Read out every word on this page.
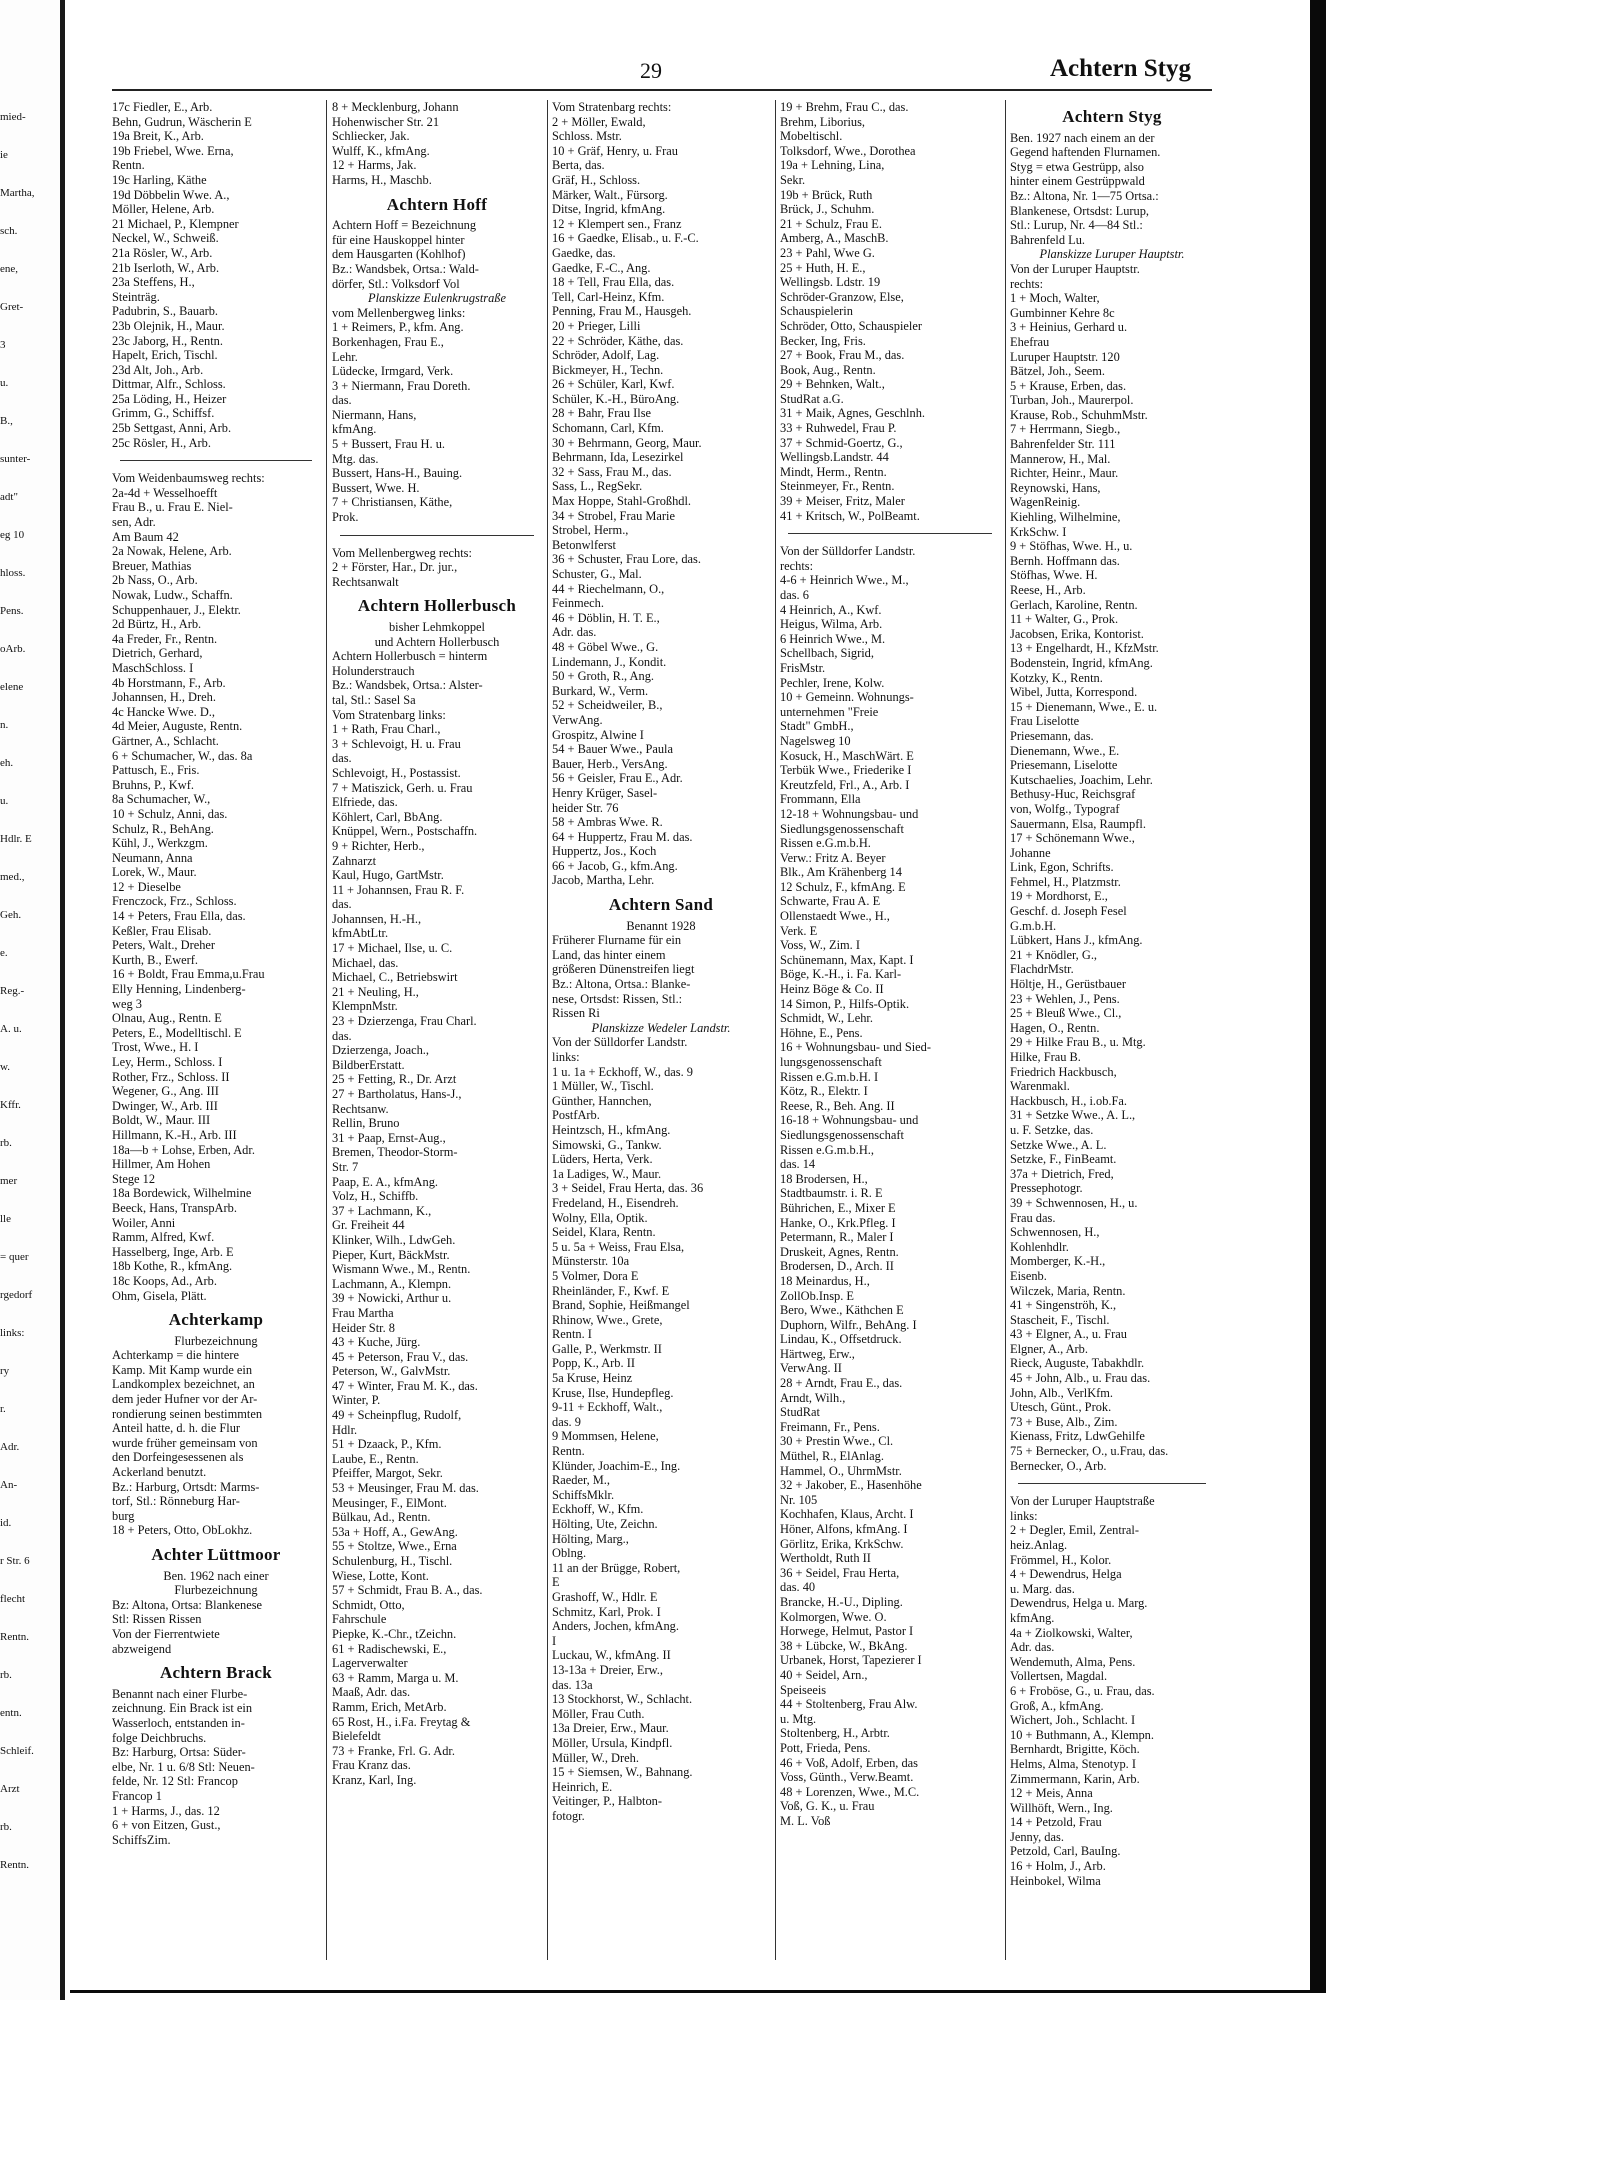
mied-
ie
Martha,
sch.
ene,
Gret-
3
u.
B.,
sunter-
adt"
eg 10
hloss.
Pens.
oArb.
elene
n.
eh.
u.
Hdlr. E
med.,
Geh.
e.
Reg.-
A. u.
w.
Kffr.
rb.
mer
lle
= quer
rgedorf
links:
ry
r.
Adr.
An-
id.
r Str. 6
flecht
Rentn.
rb.
entn.
Schleif.
Arzt
rb.
Rentn.
29	Achtern Styg
17c Fiedler, E., Arb.
Behn, Gudrun, Wäscherin E
19a Breit, K., Arb.
19b Friebel, Wwe. Erna,
Rentn.
19c Harling, Käthe
19d Döbbelin Wwe. A.,
Möller, Helene, Arb.
21 Michael, P., Klempner
Neckel, W., Schweiß.
21a Rösler, W., Arb.
21b Iserloth, W., Arb.
23a Steffens, H.,
Steinträg.
Padubrin, S., Bauarb.
23b Olejnik, H., Maur.
23c Jaborg, H., Rentn.
Hapelt, Erich, Tischl.
23d Alt, Joh., Arb.
Dittmar, Alfr., Schloss.
25a Löding, H., Heizer
Grimm, G., Schiffsf.
25b Settgast, Anni, Arb.
25c Rösler, H., Arb.
Vom Weidenbaumsweg rechts:
2a-4d + Wesselhoefft
Frau B., u. Frau E. Niel-
sen, Adr.
Am Baum 42
2a Nowak, Helene, Arb.
Breuer, Mathias
2b Nass, O., Arb.
Nowak, Ludw., Schaffn.
Schuppenhauer, J., Elektr.
2d Bürtz, H., Arb.
4a Freder, Fr., Rentn.
Dietrich, Gerhard,
MaschSchloss. I
4b Horstmann, F., Arb.
Johannsen, H., Dreh.
4c Hancke Wwe. D.,
4d Meier, Auguste, Rentn.
Gärtner, A., Schlacht.
6 + Schumacher, W., das. 8a
Pattusch, E., Fris.
Bruhns, P., Kwf.
8a Schumacher, W.,
10 + Schulz, Anni, das.
Schulz, R., BehAng.
Kühl, J., Werkzgm.
Neumann, Anna
Lorek, W., Maur.
12 + Dieselbe
Frenczock, Frz., Schloss.
14 + Peters, Frau Ella, das.
Keßler, Frau Elisab.
Peters, Walt., Dreher
Kurth, B., Ewerf.
16 + Boldt, Frau Emma,u.Frau
Elly Henning, Lindenberg-
weg 3
Olnau, Aug., Rentn. E
Peters, E., Modelltischl. E
Trost, Wwe., H. I
Ley, Herm., Schloss. I
Rother, Frz., Schloss. II
Wegener, G., Ang. III
Dwinger, W., Arb. III
Boldt, W., Maur. III
Hillmann, K.-H., Arb. III
18a—b + Lohse, Erben, Adr.
Hillmer, Am Hohen
Stege 12
18a Bordewick, Wilhelmine
Beeck, Hans, TranspArb.
Woiler, Anni
Ramm, Alfred, Kwf.
Hasselberg, Inge, Arb. E
18b Kothe, R., kfmAng.
18c Koops, Ad., Arb.
Ohm, Gisela, Plätt.
Achterkamp
Flurbezeichnung
Achterkamp = die hintere
Kamp. Mit Kamp wurde ein
Landkomplex bezeichnet, an
dem jeder Hufner vor der Ar-
rondierung seinen bestimmten
Anteil hatte, d. h. die Flur
wurde früher gemeinsam von
den Dorfeingesessenen als
Ackerland benutzt.
Bz.: Harburg, Ortsdt: Marms-
torf, Stl.: Rönneburg Har-
burg
18 + Peters, Otto, ObLokhz.
Achter Lüttmoor
Ben. 1962 nach einer
Flurbezeichnung
Bz: Altona, Ortsa: Blankenese
Stl: Rissen Rissen
Von der Fierrentwiete
abzweigend
Achtern Brack
Benannt nach einer Flurbe-
zeichnung. Ein Brack ist ein
Wasserloch, entstanden in-
folge Deichbruchs.
Bz: Harburg, Ortsa: Süder-
elbe, Nr. 1 u. 6/8 Stl: Neuen-
felde, Nr. 12 Stl: Francop
Francop 1
1 + Harms, J., das. 12
6 + von Eitzen, Gust.,
SchiffsZim.
8 + Mecklenburg, Johann
Hohenwischer Str. 21
Schliecker, Jak.
Wulff, K., kfmAng.
12 + Harms, Jak.
Harms, H., Maschb.
Achtern Hoff
Achtern Hoff = Bezeichnung
für eine Hauskoppel hinter
dem Hausgarten (Kohlhof)
Bz.: Wandsbek, Ortsa.: Wald-
dörfer, Stl.: Volksdorf Vol
Planskizze Eulenkrugstraße
vom Mellenbergweg links:
1 + Reimers, P., kfm. Ang.
Borkenhagen, Frau E.,
Lehr.
Lüdecke, Irmgard, Verk.
3 + Niermann, Frau Doreth.
das.
Niermann, Hans,
kfmAng.
5 + Bussert, Frau H. u.
Mtg. das.
Bussert, Hans-H., Bauing.
Bussert, Wwe. H.
7 + Christiansen, Käthe,
Prok.
Vom Mellenbergweg rechts:
2 + Förster, Har., Dr. jur.,
Rechtsanwalt
Achtern Hollerbusch
bisher Lehmkoppel
und Achtern Hollerbusch
Achtern Hollerbusch = hinterm
Holunderstrauch
Bz.: Wandsbek, Ortsa.: Alster-
tal, Stl.: Sasel Sa
Vom Stratenbarg links:
1 + Rath, Frau Charl.,
3 + Schlevoigt, H. u. Frau
das.
Schlevoigt, H., Postassist.
7 + Matiszick, Gerh. u. Frau
Elfriede, das.
Köhlert, Carl, BbAng.
Knüppel, Wern., Postschaffn.
9 + Richter, Herb.,
Zahnarzt
Kaul, Hugo, GartMstr.
11 + Johannsen, Frau R. F.
das.
Johannsen, H.-H.,
kfmAbtLtr.
17 + Michael, Ilse, u. C.
Michael, das.
Michael, C., Betriebswirt
21 + Neuling, H.,
KlempnMstr.
23 + Dzierzenga, Frau Charl.
das.
Dzierzenga, Joach.,
BildberErstatt.
25 + Fetting, R., Dr. Arzt
27 + Bartholatus, Hans-J.,
Rechtsanw.
Rellin, Bruno
31 + Paap, Ernst-Aug.,
Bremen, Theodor-Storm-
Str. 7
Paap, E. A., kfmAng.
Volz, H., Schiffb.
37 + Lachmann, K.,
Gr. Freiheit 44
Klinker, Wilh., LdwGeh.
Pieper, Kurt, BäckMstr.
Wismann Wwe., M., Rentn.
Lachmann, A., Klempn.
39 + Nowicki, Arthur u.
Frau Martha
Heider Str. 8
43 + Kuche, Jürg.
45 + Peterson, Frau V., das.
Peterson, W., GalvMstr.
47 + Winter, Frau M. K., das.
Winter, P.
49 + Scheinpflug, Rudolf,
Hdlr.
51 + Dzaack, P., Kfm.
Laube, E., Rentn.
Pfeiffer, Margot, Sekr.
53 + Meusinger, Frau M. das.
Meusinger, F., ElMont.
Bülkau, Ad., Rentn.
53a + Hoff, A., GewAng.
55 + Stoltze, Wwe., Erna
Schulenburg, H., Tischl.
Wiese, Lotte, Kont.
57 + Schmidt, Frau B. A., das.
Schmidt, Otto,
Fahrschule
Piepke, K.-Chr., tZeichn.
61 + Radischewski, E.,
Lagerverwalter
63 + Ramm, Marga u. M.
Maaß, Adr. das.
Ramm, Erich, MetArb.
65 Rost, H., i.Fa. Freytag &
Bielefeldt
73 + Franke, Frl. G. Adr.
Frau Kranz das.
Kranz, Karl, Ing.
Vom Stratenbarg rechts:
2 + Möller, Ewald,
Schloss. Mstr.
10 + Gräf, Henry, u. Frau
Berta, das.
Gräf, H., Schloss.
Märker, Walt., Fürsorg.
Ditse, Ingrid, kfmAng.
12 + Klempert sen., Franz
16 + Gaedke, Elisab., u. F.-C.
Gaedke, das.
Gaedke, F.-C., Ang.
18 + Tell, Frau Ella, das.
Tell, Carl-Heinz, Kfm.
Penning, Frau M., Hausgeh.
20 + Prieger, Lilli
22 + Schröder, Käthe, das.
Schröder, Adolf, Lag.
Bickmeyer, H., Techn.
26 + Schüler, Karl, Kwf.
Schüler, K.-H., BüroAng.
28 + Bahr, Frau Ilse
Schomann, Carl, Kfm.
30 + Behrmann, Georg, Maur.
Behrmann, Ida, Lesezirkel
32 + Sass, Frau M., das.
Sass, L., RegSekr.
Max Hoppe, Stahl-Großhdl.
34 + Strobel, Frau Marie
Strobel, Herm.,
Betonwlferst
36 + Schuster, Frau Lore, das.
Schuster, G., Mal.
44 + Riechelmann, O.,
Feinmech.
46 + Döblin, H. T. E.,
Adr. das.
48 + Göbel Wwe., G.
Lindemann, J., Kondit.
50 + Groth, R., Ang.
Burkard, W., Verm.
52 + Scheidweiler, B.,
VerwAng.
Grospitz, Alwine I
54 + Bauer Wwe., Paula
Bauer, Herb., VersAng.
56 + Geisler, Frau E., Adr.
Henry Krüger, Sasel-
heider Str. 76
58 + Ambras Wwe. R.
64 + Huppertz, Frau M. das.
Huppertz, Jos., Koch
66 + Jacob, G., kfm.Ang.
Jacob, Martha, Lehr.
Achtern Sand
Benannt 1928
Früherer Flurname für ein
Land, das hinter einem
größeren Dünenstreifen liegt
Bz.: Altona, Ortsa.: Blanke-
nese, Ortsdst: Rissen, Stl.:
Rissen Ri
Planskizze Wedeler Landstr.
Von der Sülldorfer Landstr.
links:
1 u. 1a + Eckhoff, W., das. 9
1 Müller, W., Tischl.
Günther, Hannchen,
PostfArb.
Heintzsch, H., kfmAng.
Simowski, G., Tankw.
Lüders, Herta, Verk.
1a Ladiges, W., Maur.
3 + Seidel, Frau Herta, das. 36
Fredeland, H., Eisendreh.
Wolny, Ella, Optik.
Seidel, Klara, Rentn.
5 u. 5a + Weiss, Frau Elsa,
Münsterstr. 10a
5 Volmer, Dora E
Rheinländer, F., Kwf. E
Brand, Sophie, Heißmangel
Rhinow, Wwe., Grete,
Rentn. I
Galle, P., Werkmstr. II
Popp, K., Arb. II
5a Kruse, Heinz
Kruse, Ilse, Hundepfleg.
9-11 + Eckhoff, Walt.,
das. 9
9 Mommsen, Helene,
Rentn.
Klünder, Joachim-E., Ing.
Raeder, M.,
SchiffsMklr.
Eckhoff, W., Kfm.
Hölting, Ute, Zeichn.
Hölting, Marg.,
Oblng.
11 an der Brügge, Robert,
E
Grashoff, W., Hdlr. E
Schmitz, Karl, Prok. I
Anders, Jochen, kfmAng.
I
Luckau, W., kfmAng. II
13-13a + Dreier, Erw.,
das. 13a
13 Stockhorst, W., Schlacht.
Möller, Frau Cuth.
13a Dreier, Erw., Maur.
Möller, Ursula, Kindpfl.
Müller, W., Dreh.
15 + Siemsen, W., Bahnang.
Heinrich, E.
Veitinger, P., Halbton-
fotogr.
19 + Brehm, Frau C., das.
Brehm, Liborius,
Mobeltischl.
Tolksdorf, Wwe., Dorothea
19a + Lehning, Lina,
Sekr.
19b + Brück, Ruth
Brück, J., Schuhm.
21 + Schulz, Frau E.
Amberg, A., MaschB.
23 + Pahl, Wwe G.
25 + Huth, H. E.,
Wellingsb. Ldstr. 19
Schröder-Granzow, Else,
Schauspielerin
Schröder, Otto, Schauspieler
Becker, Ing, Fris.
27 + Book, Frau M., das.
Book, Aug., Rentn.
29 + Behnken, Walt.,
StudRat a.G.
31 + Maik, Agnes, Geschlnh.
33 + Ruhwedel, Frau P.
37 + Schmid-Goertz, G.,
Wellingsb.Landstr. 44
Mindt, Herm., Rentn.
Steinmeyer, Fr., Rentn.
39 + Meiser, Fritz, Maler
41 + Kritsch, W., PolBeamt.
Von der Sülldorfer Landstr.
rechts:
4-6 + Heinrich Wwe., M.,
das. 6
4 Heinrich, A., Kwf.
Heigus, Wilma, Arb.
6 Heinrich Wwe., M.
Schellbach, Sigrid,
FrisMstr.
Pechler, Irene, Kolw.
10 + Gemeinn. Wohnungs-
unternehmen "Freie
Stadt" GmbH.,
Nagelsweg 10
Kosuck, H., MaschWärt. E
Terbük Wwe., Friederike I
Kreutzfeld, Frl., A., Arb. I
Frommann, Ella
12-18 + Wohnungsbau- und
Siedlungsgenossenschaft
Rissen e.G.m.b.H.
Verw.: Fritz A. Beyer
Blk., Am Krähenberg 14
12 Schulz, F., kfmAng. E
Schwarte, Frau A. E
Ollenstaedt Wwe., H.,
Verk. E
Voss, W., Zim. I
Schünemann, Max, Kapt. I
Böge, K.-H., i. Fa. Karl-
Heinz Böge & Co. II
14 Simon, P., Hilfs-Optik.
Schmidt, W., Lehr.
Höhne, E., Pens.
16 + Wohnungsbau- und Sied-
lungsgenossenschaft
Rissen e.G.m.b.H. I
Kötz, R., Elektr. I
Reese, R., Beh. Ang. II
16-18 + Wohnungsbau- und
Siedlungsgenossenschaft
Rissen e.G.m.b.H.,
das. 14
18 Brodersen, H.,
Stadtbaumstr. i. R. E
Bührichen, E., Mixer E
Hanke, O., Krk.Pfleg. I
Petermann, R., Maler I
Druskeit, Agnes, Rentn.
Brodersen, D., Arch. II
18 Meinardus, H.,
ZollOb.Insp. E
Bero, Wwe., Käthchen E
Duphorn, Wilfr., BehAng. I
Lindau, K., Offsetdruck.
Härtweg, Erw.,
VerwAng. II
28 + Arndt, Frau E., das.
Arndt, Wilh.,
StudRat
Freimann, Fr., Pens.
30 + Prestin Wwe., Cl.
Müthel, R., ElAnlag.
Hammel, O., UhrmMstr.
32 + Jakober, E., Hasenhöhe
Nr. 105
Kochhafen, Klaus, Archt. I
Höner, Alfons, kfmAng. I
Görlitz, Erika, KrkSchw.
Wertholdt, Ruth II
36 + Seidel, Frau Herta,
das. 40
Brancke, H.-U., Dipling.
Kolmorgen, Wwe. O.
Horwege, Helmut, Pastor I
38 + Lübcke, W., BkAng.
Urbanek, Horst, Tapezierer I
40 + Seidel, Arn.,
Speiseeis
44 + Stoltenberg, Frau Alw.
u. Mtg.
Stoltenberg, H., Arbtr.
Pott, Frieda, Pens.
46 + Voß, Adolf, Erben, das
Voss, Günth., Verw.Beamt.
48 + Lorenzen, Wwe., M.C.
Voß, G. K., u. Frau
M. L. Voß
Achtern Styg
Ben. 1927 nach einem an der
Gegend haftenden Flurnamen.
Styg = etwa Gestrüpp, also
hinter einem Gestrüppwald
Bz.: Altona, Nr. 1—75 Ortsa.:
Blankenese, Ortsdst: Lurup,
Stl.: Lurup, Nr. 4—84 Stl.:
Bahrenfeld Lu.
Planskizze Luruper Hauptstr.
Von der Luruper Hauptstr.
rechts:
1 + Moch, Walter,
Gumbinner Kehre 8c
3 + Heinius, Gerhard u.
Ehefrau
Luruper Hauptstr. 120
Bätzel, Joh., Seem.
5 + Krause, Erben, das.
Turban, Joh., Maurerpol.
Krause, Rob., SchuhmMstr.
7 + Herrmann, Siegb.,
Bahrenfelder Str. 111
Mannerow, H., Mal.
Richter, Heinr., Maur.
Reynowski, Hans,
WagenReinig.
Kiehling, Wilhelmine,
KrkSchw. I
9 + Stöfhas, Wwe. H., u.
Bernh. Hoffmann das.
Stöfhas, Wwe. H.
Reese, H., Arb.
Gerlach, Karoline, Rentn.
11 + Walter, G., Prok.
Jacobsen, Erika, Kontorist.
13 + Engelhardt, H., KfzMstr.
Bodenstein, Ingrid, kfmAng.
Kotzky, K., Rentn.
Wibel, Jutta, Korrespond.
15 + Dienemann, Wwe., E. u.
Frau Liselotte
Priesemann, das.
Dienemann, Wwe., E.
Priesemann, Liselotte
Kutschaelies, Joachim, Lehr.
Bethusy-Huc, Reichsgraf
von, Wolfg., Typograf
Sauermann, Elsa, Raumpfl.
17 + Schönemann Wwe.,
Johanne
Link, Egon, Schrifts.
Fehmel, H., Platzmstr.
19 + Mordhorst, E.,
Geschf. d. Joseph Fesel
G.m.b.H.
Lübkert, Hans J., kfmAng.
21 + Knödler, G.,
FlachdrMstr.
Höltje, H., Gerüstbauer
23 + Wehlen, J., Pens.
25 + Bleuß Wwe., Cl.,
Hagen, O., Rentn.
29 + Hilke Frau B., u. Mtg.
Hilke, Frau B.
Friedrich Hackbusch,
Warenmakl.
Hackbusch, H., i.ob.Fa.
31 + Setzke Wwe., A. L.,
u. F. Setzke, das.
Setzke Wwe., A. L.
Setzke, F., FinBeamt.
37a + Dietrich, Fred,
Pressephotogr.
39 + Schwennosen, H., u.
Frau das.
Schwennosen, H.,
Kohlenhdlr.
Momberger, K.-H.,
Eisenb.
Wilczek, Maria, Rentn.
41 + Singenströh, K.,
Stascheit, F., Tischl.
43 + Elgner, A., u. Frau
Elgner, A., Arb.
Rieck, Auguste, Tabakhdlr.
45 + John, Alb., u. Frau das.
John, Alb., VerlKfm.
Utesch, Günt., Prok.
73 + Buse, Alb., Zim.
Kienass, Fritz, LdwGehilfe
75 + Bernecker, O., u.Frau, das.
Bernecker, O., Arb.
Von der Luruper Hauptstraße
links:
2 + Degler, Emil, Zentral-
heiz.Anlag.
Frömmel, H., Kolor.
4 + Dewendrus, Helga
u. Marg. das.
Dewendrus, Helga u. Marg.
kfmAng.
4a + Ziolkowski, Walter,
Adr. das.
Wendemuth, Alma, Pens.
Vollertsen, Magdal.
6 + Froböse, G., u. Frau, das.
Groß, A., kfmAng.
Wichert, Joh., Schlacht. I
10 + Buthmann, A., Klempn.
Bernhardt, Brigitte, Köch.
Helms, Alma, Stenotyp. I
Zimmermann, Karin, Arb.
12 + Meis, Anna
Willhöft, Wern., Ing.
14 + Petzold, Frau
Jenny, das.
Petzold, Carl, BauIng.
16 + Holm, J., Arb.
Heinbokel, Wilma
